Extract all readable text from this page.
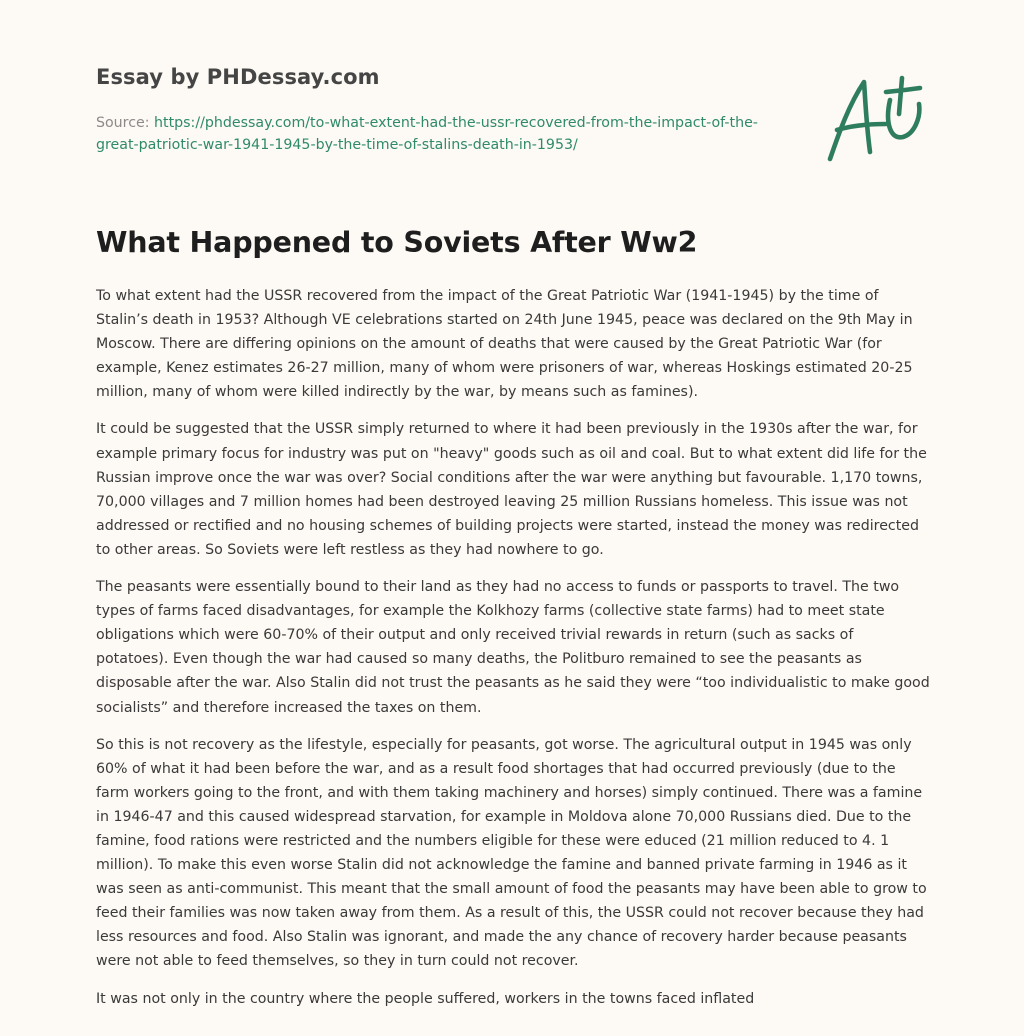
Essay by PHDessay.com
Source: https://phdessay.com/to-what-extent-had-the-ussr-recovered-from-the-impact-of-the-great-patriotic-war-1941-1945-by-the-time-of-stalins-death-in-1953/
What Happened to Soviets After Ww2

To what extent had the USSR recovered from the impact of the Great Patriotic War (1941-1945) by the time of Stalin’s death in 1953? Although VE celebrations started on 24th June 1945, peace was declared on the 9th May in Moscow. There are differing opinions on the amount of deaths that were caused by the Great Patriotic War (for example, Kenez estimates 26-27 million, many of whom were prisoners of war, whereas Hoskings estimated 20-25 million, many of whom were killed indirectly by the war, by means such as famines).

It could be suggested that the USSR simply returned to where it had been previously in the 1930s after the war, for example primary focus for industry was put on "heavy" goods such as oil and coal. But to what extent did life for the Russian improve once the war was over? Social conditions after the war were anything but favourable. 1,170 towns, 70,000 villages and 7 million homes had been destroyed leaving 25 million Russians homeless. This issue was not addressed or rectified and no housing schemes of building projects were started, instead the money was redirected to other areas. So Soviets were left restless as they had nowhere to go.

The peasants were essentially bound to their land as they had no access to funds or passports to travel. The two types of farms faced disadvantages, for example the Kolkhozy farms (collective state farms) had to meet state obligations which were 60-70% of their output and only received trivial rewards in return (such as sacks of potatoes). Even though the war had caused so many deaths, the Politburo remained to see the peasants as disposable after the war. Also Stalin did not trust the peasants as he said they were “too individualistic to make good socialists” and therefore increased the taxes on them.

So this is not recovery as the lifestyle, especially for peasants, got worse. The agricultural output in 1945 was only 60% of what it had been before the war, and as a result food shortages that had occurred previously (due to the farm workers going to the front, and with them taking machinery and horses) simply continued. There was a famine in 1946-47 and this caused widespread starvation, for example in Moldova alone 70,000 Russians died. Due to the famine, food rations were restricted and the numbers eligible for these were educed (21 million reduced to 4. 1 million). To make this even worse Stalin did not acknowledge the famine and banned private farming in 1946 as it was seen as anti-communist. This meant that the small amount of food the peasants may have been able to grow to feed their families was now taken away from them. As a result of this, the USSR could not recover because they had less resources and food. Also Stalin was ignorant, and made the any chance of recovery harder because peasants were not able to feed themselves, so they in turn could not recover.

It was not only in the country where the people suffered, workers in the towns faced inflated
